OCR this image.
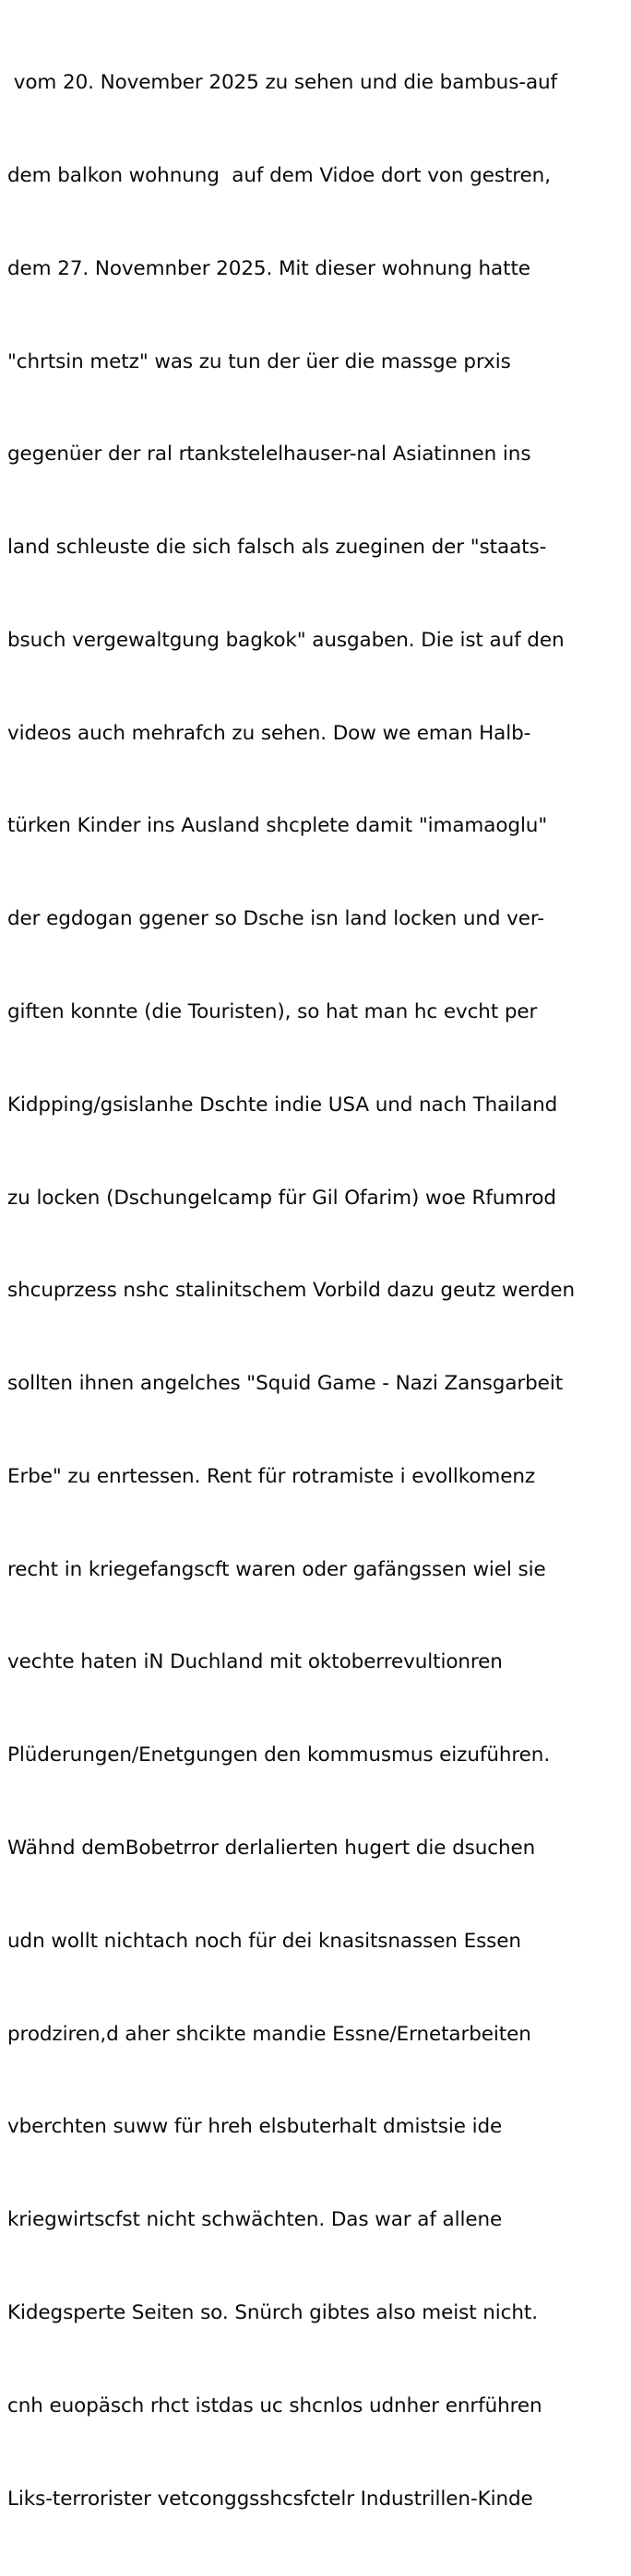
vom 20. November 2025 zu sehen und die bambus-auf

dem balkon wohnung  auf dem Vidoe dort von gestren,

dem 27. Novemnber 2025. Mit dieser wohnung hatte

"chrtsin metz" was zu tun der üer die massge prxis

gegenüer der ral rtankstelelhauser-nal Asiatinnen ins

land schleuste die sich falsch als zueginen der "staats-

bsuch vergewaltgung bagkok" ausgaben. Die ist auf den

videos auch mehrafch zu sehen. Dow we eman Halb-

türken Kinder ins Ausland shcplete damit "imamaoglu"

der egdogan ggener so Dsche isn land locken und ver-

giften konnte (die Touristen), so hat man hc evcht per

Kidpping/gsislanhe Dschte indie USA und nach Thailand

zu locken (Dschungelcamp für Gil Ofarim) woe Rfumrod

shcuprzess nshc stalinitschem Vorbild dazu geutz werden

sollten ihnen angelches "Squid Game - Nazi Zansgarbeit

Erbe" zu enrtessen. Rent für rotramiste i evollkomenz

recht in kriegefangscft waren oder gafängssen wiel sie

vechte haten iN Duchland mit oktoberrevultionren

Plüderungen/Enetgungen den kommusmus eizuführen.

Wähnd demBobetrror derlalierten hugert die dsuchen

udn wollt nichtach noch für dei knasitsnassen Essen

prodziren,d aher shcikte mandie Essne/Ernetarbeiten

vberchten suww für hreh elsbuterhalt dmistsie ide

kriegwirtscfst nicht schwächten. Das war af allene

Kidegsperte Seiten so. Snürch gibtes also meist nicht.

cnh euopäsch rhct istdas uc shcnlos udnher enrführen

Liks-terrorister vetconggsshcsfctelr Industrillen-Kinde
